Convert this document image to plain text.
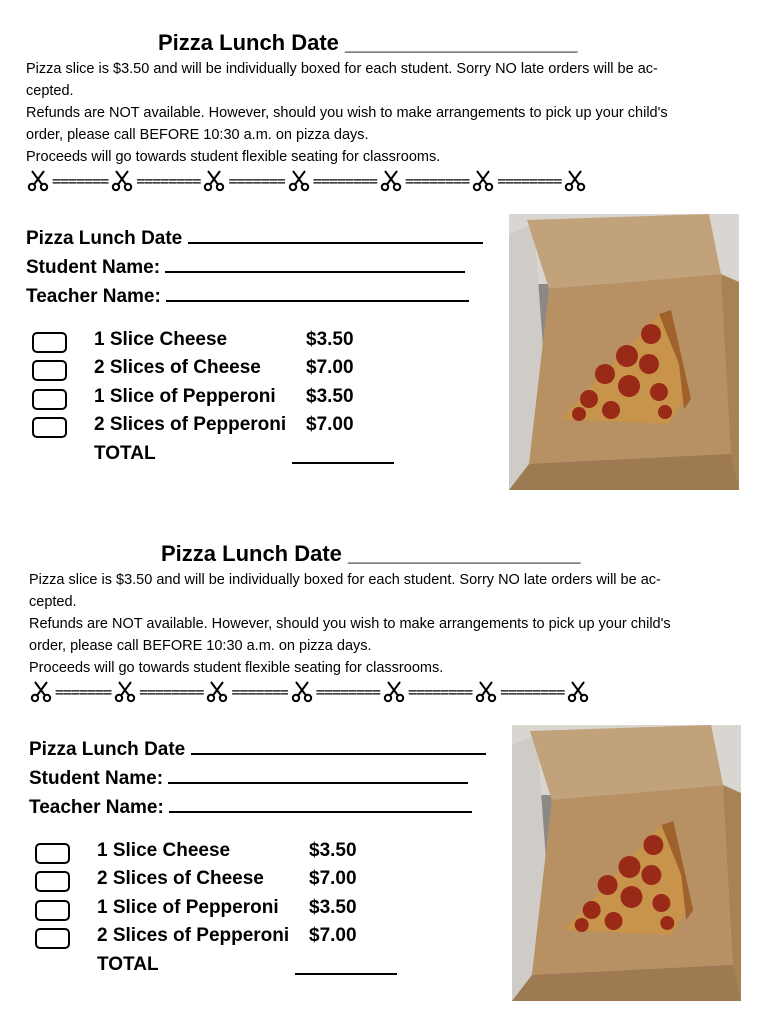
Pizza Lunch Date ___________________

Pizza slice is $3.50 and will be individually boxed for each student. Sorry NO late orders will be ac-

cepted.

Refunds are NOT available. However, should you wish to make arrangements to pick up your child's

order, please call BEFORE 10:30 a.m. on pizza days.

Proceeds will go towards student flexible seating for classrooms.

======= ======== ======= ======== ======== ========
Pizza Lunch Date
Student Name:
Teacher Name:
1 Slice Cheese	$3.50
2 Slices of Cheese $7.00
1 Slice of Pepperoni $3.50
2 Slices of Pepperoni $7.00
TOTAL
Pizza Lunch Date ___________________

Pizza slice is $3.50 and will be individually boxed for each student. Sorry NO late orders will be ac-

cepted.

Refunds are NOT available. However, should you wish to make arrangements to pick up your child's

order, please call BEFORE 10:30 a.m. on pizza days.

Proceeds will go towards student flexible seating for classrooms.

======= ======== ======= ======== ======== ========
Pizza Lunch Date
Student Name:
Teacher Name:
1 Slice Cheese	$3.50
2 Slices of Cheese $7.00
1 Slice of Pepperoni $3.50
2 Slices of Pepperoni $7.00
TOTAL
